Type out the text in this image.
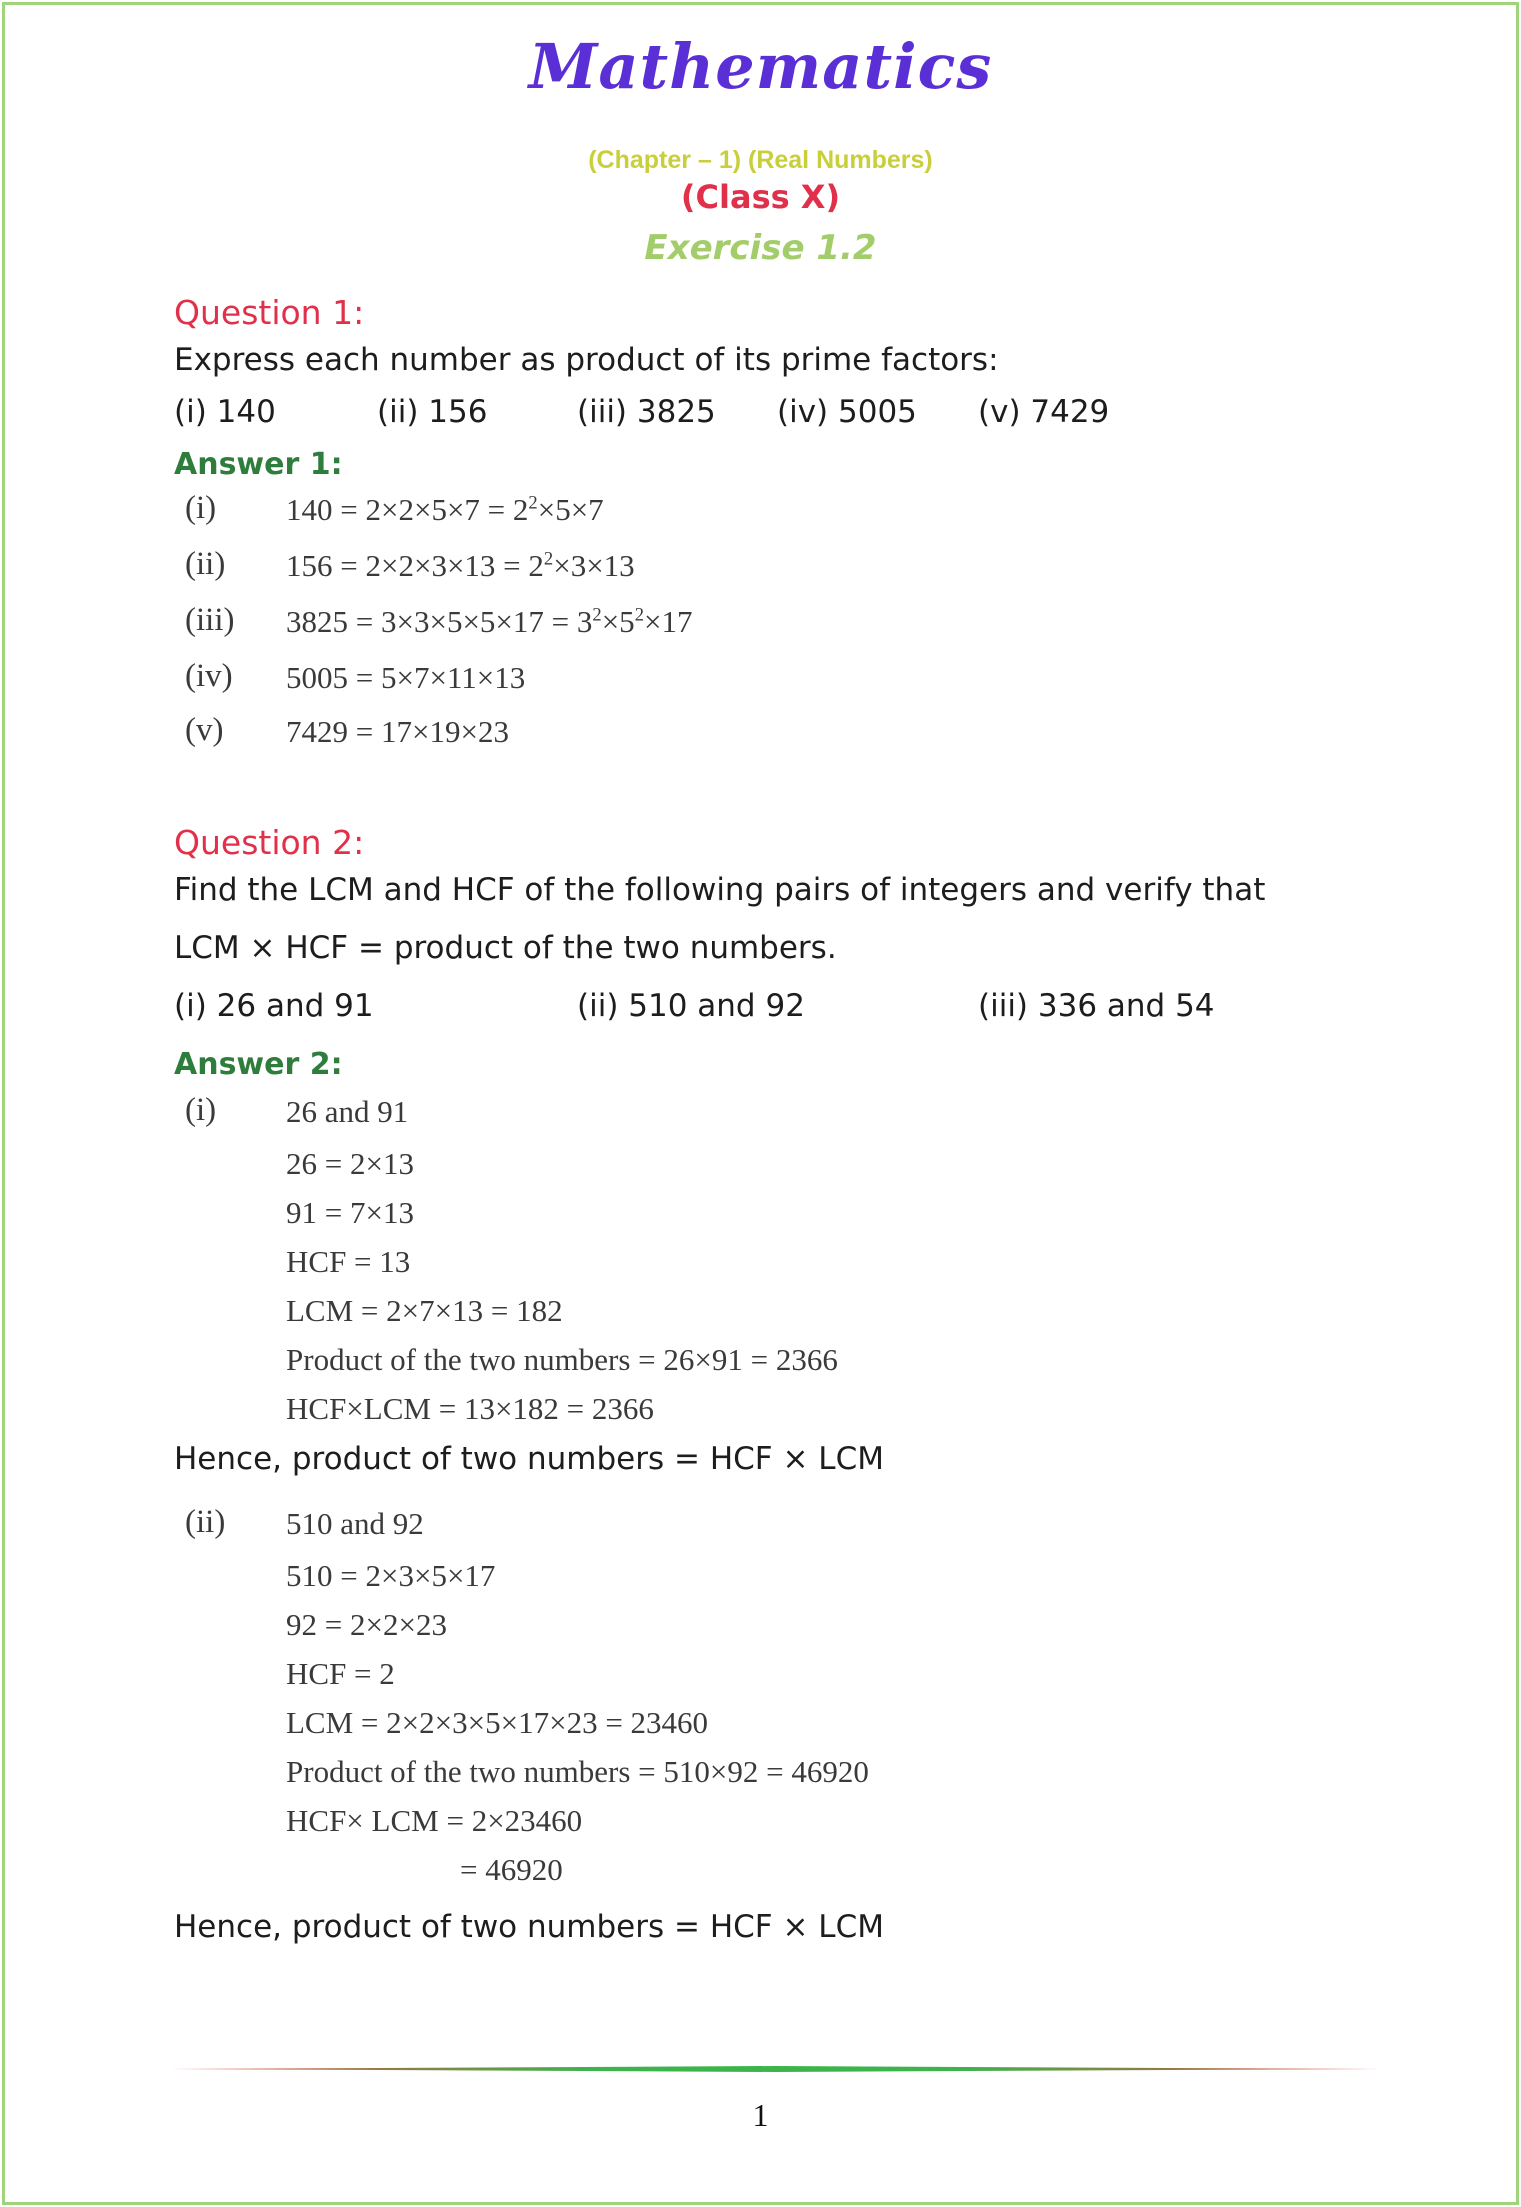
Mathematics
(Chapter – 1) (Real Numbers)
(Class X)
Exercise 1.2
Question 1:
Express each number as product of its prime factors:
(i) 140	(ii) 156	(iii) 3825 (iv) 5005 (v) 7429
Answer 1:
(i) $140 = 2\times 2\times 5\times 7 = 2^2\times 5\times 7$
(ii) $156 = 2\times 2\times 3\times 13 = 2^2\times 3\times 13$
(iii) $3825 = 3\times 3\times 5\times 5\times 17 = 3^2\times 5^2\times 17$
(iv) 5005 = 5×7×11×13
(v) 7429 = 17×19×23
Question 2:
Find the LCM and HCF of the following pairs of integers and verify that
LCM × HCF = product of the two numbers.
(i) 26 and 91	(ii) 510 and 92	(iii) 336 and 54
Answer 2:
(i) 26 and 91
26 = 2×13
91 = 7×13
HCF = 13
LCM = 2×7×13 = 182
Product of the two numbers = 26×91 = 2366
HCF×LCM = 13×182 = 2366
Hence, product of two numbers = HCF × LCM
(ii) 510 and 92
510 = 2×3×5×17
92 = 2×2×23
HCF = 2
LCM = 2×2×3×5×17×23 = 23460
Product of the two numbers = 510×92 = 46920
HCF× LCM = 2×23460
= 46920
Hence, product of two numbers = HCF × LCM
1
